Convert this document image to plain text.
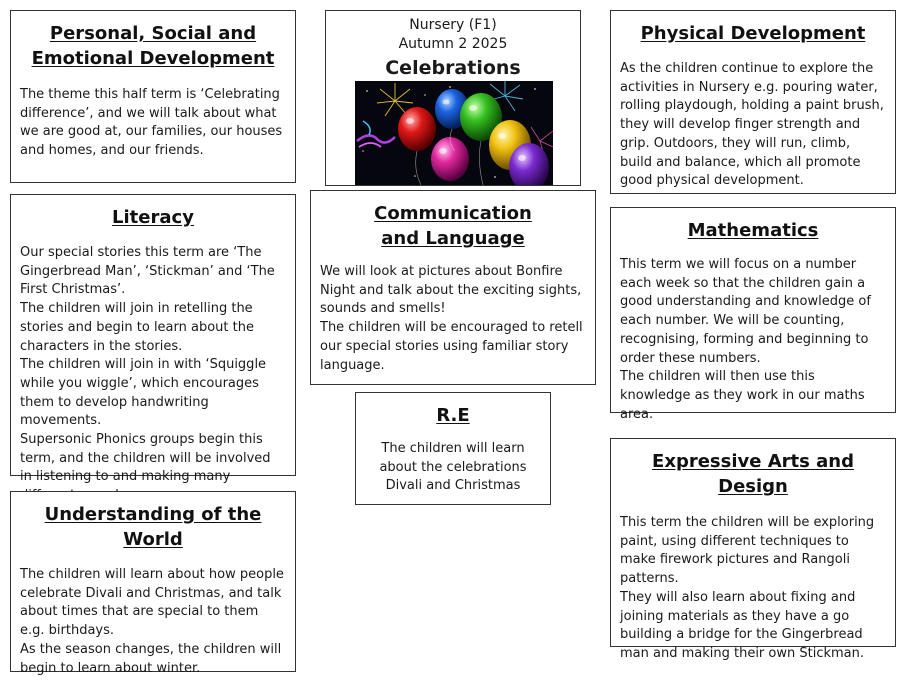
Personal, Social and Emotional Development
The theme this half term is ‘Celebrating difference’, and we will talk about what we are good at, our families, our houses and homes, and our friends.
Nursery (F1)
Autumn 2 2025
Celebrations
Physical Development
As the children continue to explore the activities in Nursery e.g. pouring water, rolling playdough, holding a paint brush, they will develop finger strength and grip. Outdoors, they will run, climb, build and balance, which all promote good physical development.
Literacy
Our special stories this term are ‘The Gingerbread Man’, ‘Stickman’ and ‘The First Christmas’.
The children will join in retelling the stories and begin to learn about the characters in the stories.
The children will join in with ‘Squiggle while you wiggle’, which encourages them to develop handwriting movements.
Supersonic Phonics groups begin this term, and the children will be involved in listening to and making many
Communication and Language
We will look at pictures about Bonfire Night and talk about the exciting sights, sounds and smells!
The children will be encouraged to retell our special stories using familiar story language.
Mathematics
This term we will focus on a number each week so that the children gain a good understanding and knowledge of each number. We will be counting, recognising, forming and beginning to order these numbers.
The children will then use this knowledge as they work in our maths area.
R.E
The children will learn about the celebrations Divali and Christmas
Understanding of the World
The children will learn about how people celebrate Divali and Christmas, and talk about times that are special to them e.g. birthdays.
As the season changes, the children will begin to learn about winter.
Expressive Arts and Design
This term the children will be exploring paint, using different techniques to make firework pictures and Rangoli patterns.
They will also learn about fixing and joining materials as they have a go building a bridge for the Gingerbread man and making their own Stickman.
